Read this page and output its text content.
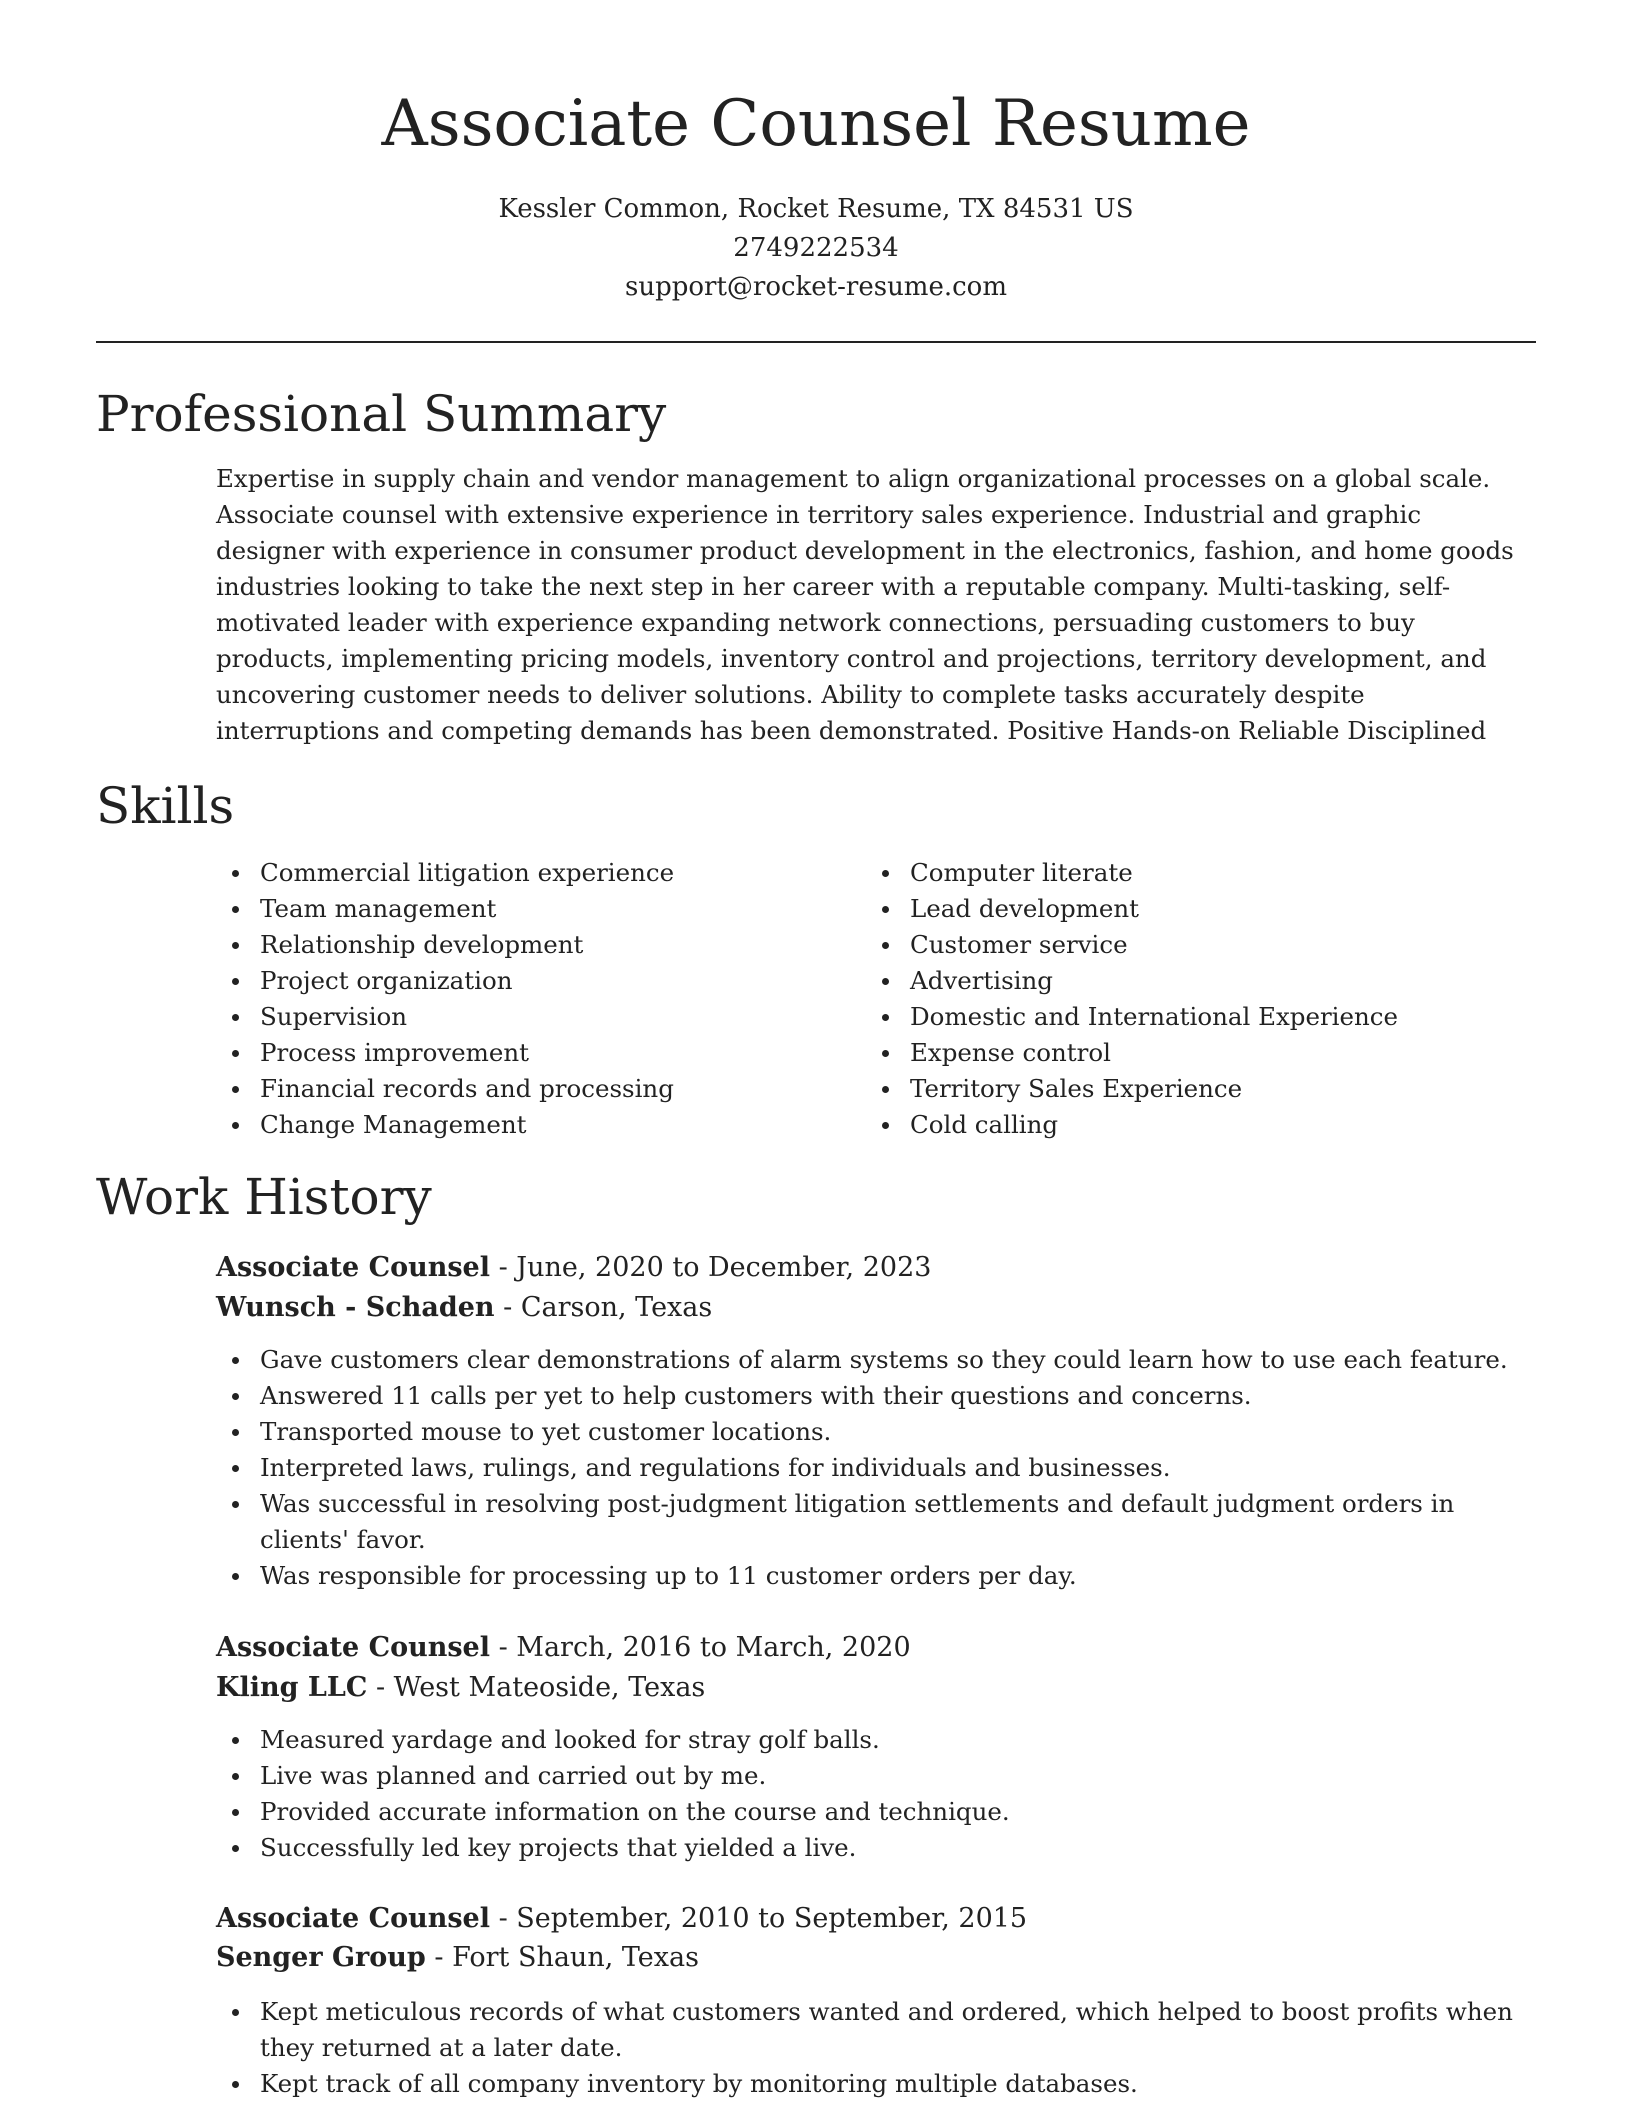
Associate Counsel Resume
Kessler Common, Rocket Resume, TX 84531 US
2749222534
support@rocket-resume.com
Professional Summary

Expertise in supply chain and vendor management to align organizational processes on a global scale. Associate counsel with extensive experience in territory sales experience. Industrial and graphic designer with experience in consumer product development in the electronics, fashion, and home goods industries looking to take the next step in her career with a reputable company. Multi-tasking, self-motivated leader with experience expanding network connections, persuading customers to buy products, implementing pricing models, inventory control and projections, territory development, and uncovering customer needs to deliver solutions. Ability to complete tasks accurately despite interruptions and competing demands has been demonstrated. Positive Hands-on Reliable Disciplined

Skills
Commercial litigation experience
Team management
Relationship development
Project organization
Supervision
Process improvement
Financial records and processing
Change Management
Computer literate
Lead development
Customer service
Advertising
Domestic and International Experience
Expense control
Territory Sales Experience
Cold calling
Work History
Associate Counsel - June, 2020 to December, 2023
Wunsch - Schaden - Carson, Texas
Gave customers clear demonstrations of alarm systems so they could learn how to use each feature.
Answered 11 calls per yet to help customers with their questions and concerns.
Transported mouse to yet customer locations.
Interpreted laws, rulings, and regulations for individuals and businesses.
Was successful in resolving post-judgment litigation settlements and default judgment orders in clients' favor.
Was responsible for processing up to 11 customer orders per day.
Associate Counsel - March, 2016 to March, 2020
Kling LLC - West Mateoside, Texas
Measured yardage and looked for stray golf balls.
Live was planned and carried out by me.
Provided accurate information on the course and technique.
Successfully led key projects that yielded a live.
Associate Counsel - September, 2010 to September, 2015
Senger Group - Fort Shaun, Texas
Kept meticulous records of what customers wanted and ordered, which helped to boost profits when they returned at a later date.
Kept track of all company inventory by monitoring multiple databases.
